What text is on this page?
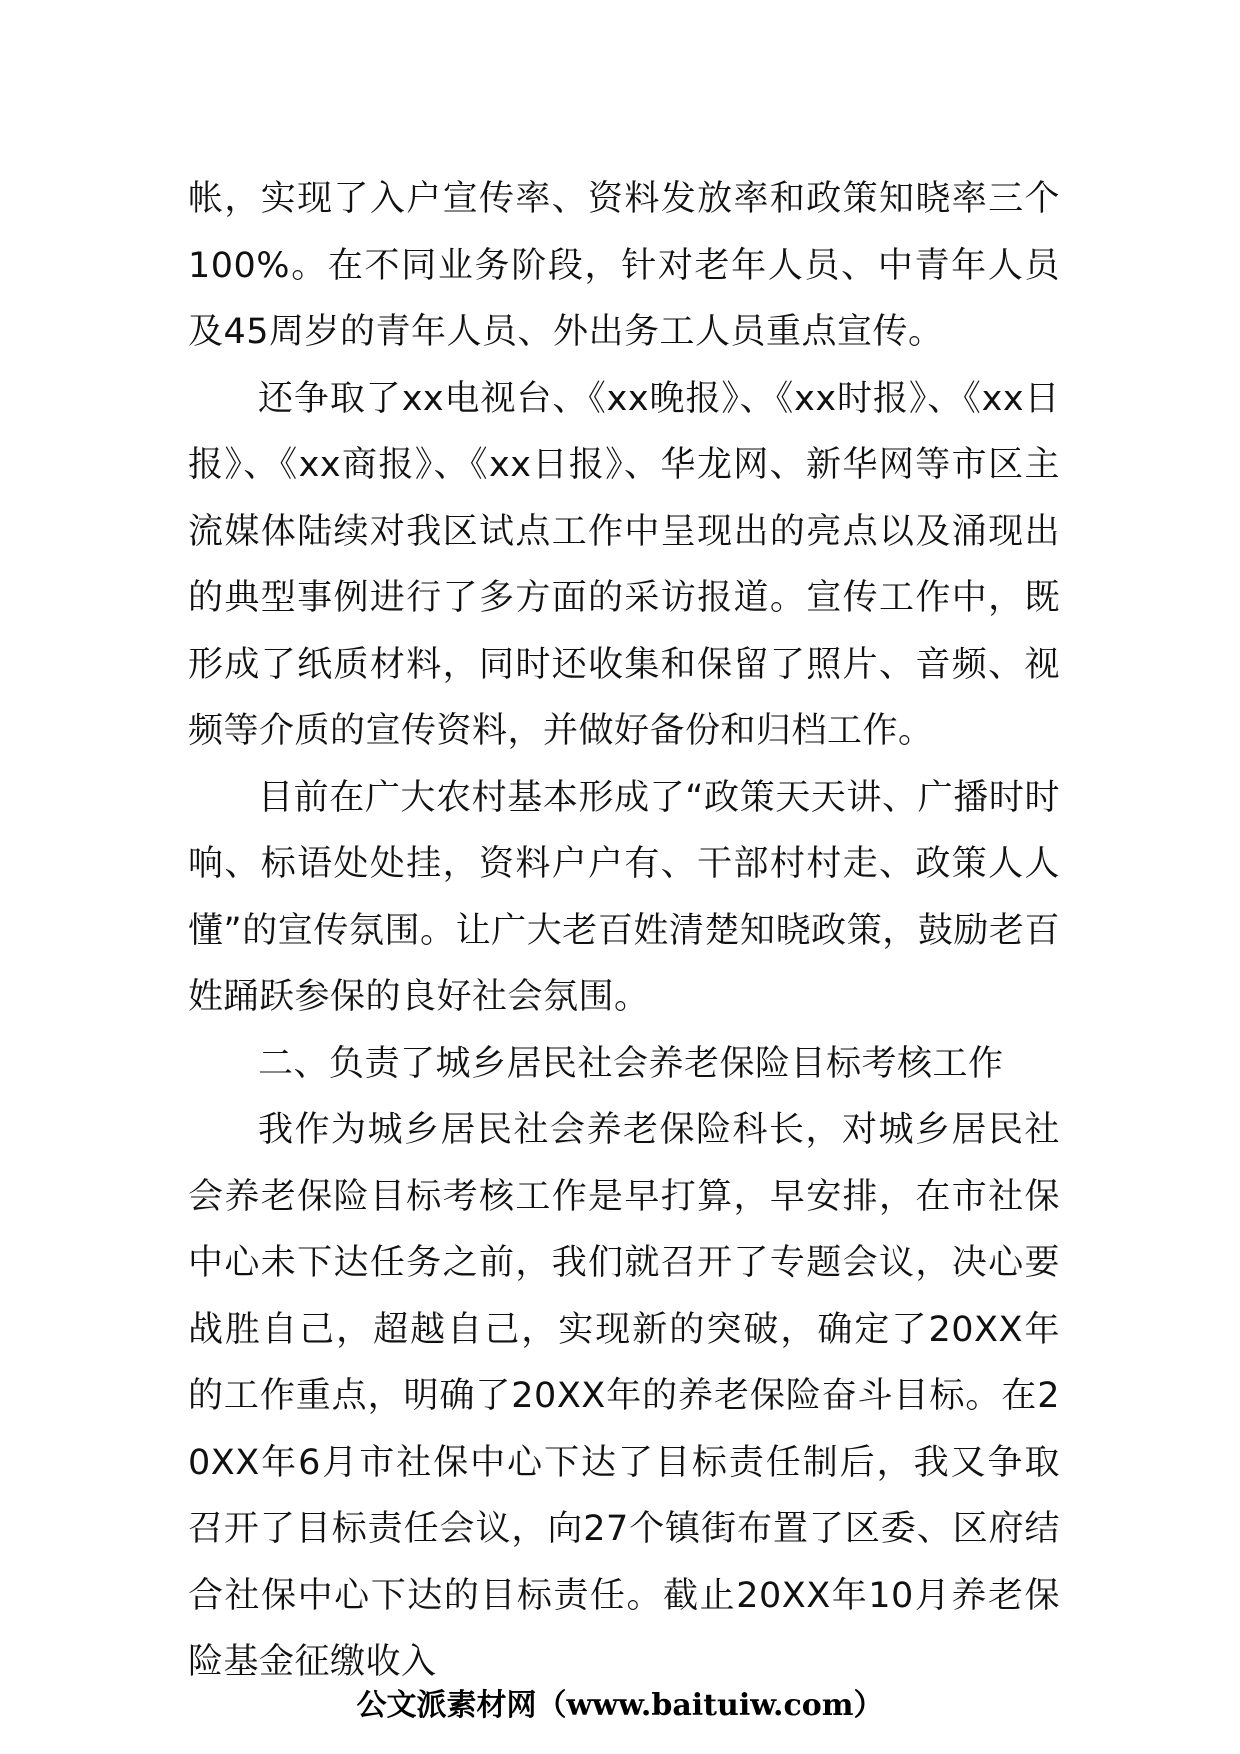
帐，实现了入户宣传率、资料发放率和政策知晓率三个100%。在不同业务阶段，针对老年人员、中青年人员及45周岁的青年人员、外出务工人员重点宣传。

还争取了xx电视台、《xx晚报》、《xx时报》、《xx日报》、《xx商报》、《xx日报》、华龙网、新华网等市区主流媒体陆续对我区试点工作中呈现出的亮点以及涌现出的典型事例进行了多方面的采访报道。宣传工作中，既形成了纸质材料，同时还收集和保留了照片、音频、视频等介质的宣传资料，并做好备份和归档工作。

目前在广大农村基本形成了“政策天天讲、广播时时响、标语处处挂，资料户户有、干部村村走、政策人人懂”的宣传氛围。让广大老百姓清楚知晓政策，鼓励老百姓踊跃参保的良好社会氛围。

二、负责了城乡居民社会养老保险目标考核工作

我作为城乡居民社会养老保险科长，对城乡居民社会养老保险目标考核工作是早打算，早安排，在市社保中心未下达任务之前，我们就召开了专题会议，决心要战胜自己，超越自己，实现新的突破，确定了20XX年的工作重点，明确了20XX年的养老保险奋斗目标。在20XX年6月市社保中心下达了目标责任制后，我又争取召开了目标责任会议，向27个镇街布置了区委、区府结合社保中心下达的目标责任。截止20XX年10月养老保险基金征缴收入

公文派素材网（www.baituiw.com）
